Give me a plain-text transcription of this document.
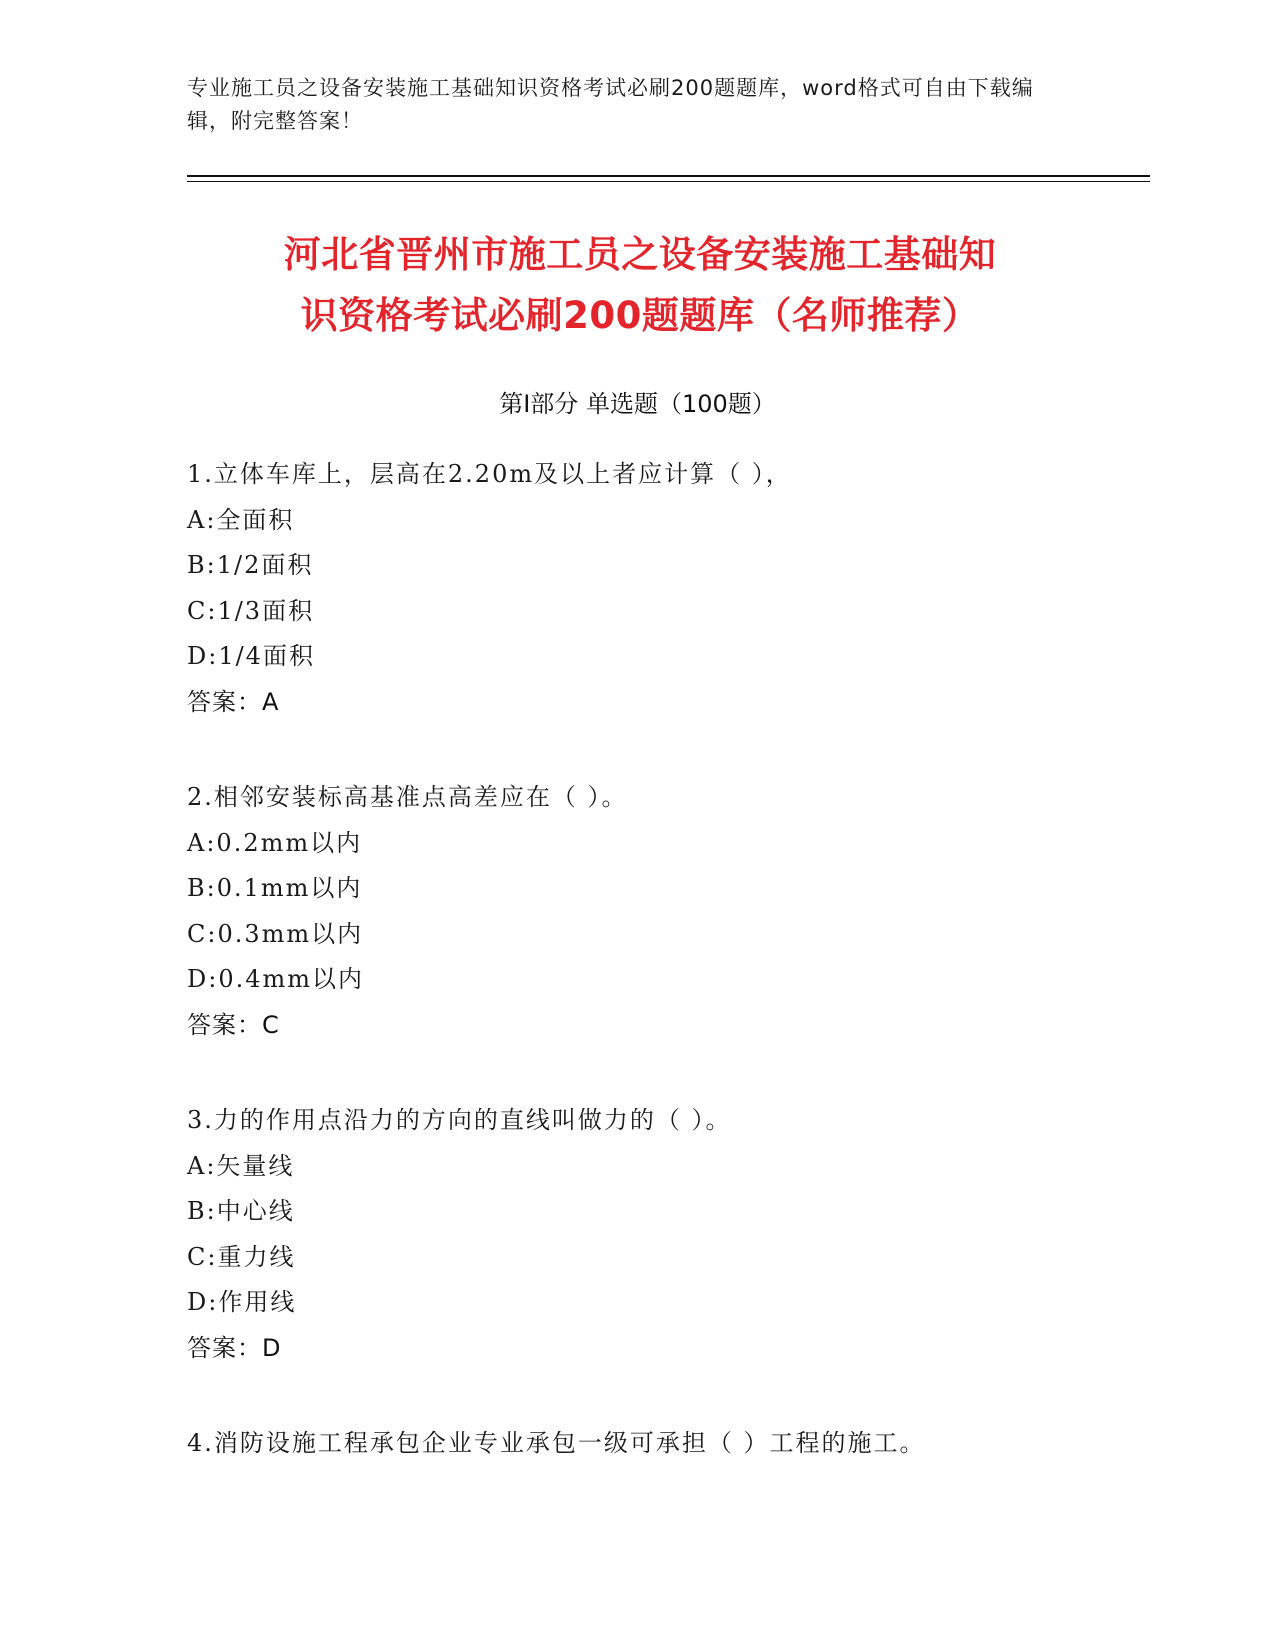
专业施工员之设备安装施工基础知识资格考试必刷200题题库，word格式可自由下载编辑，附完整答案！
河北省晋州市施工员之设备安装施工基础知
识资格考试必刷200题题库（名师推荐）
第Ⅰ部分 单选题（100题）
1.立体车库上，层高在2.20m及以上者应计算（ ），
A:全面积
B:1/2面积
C:1/3面积
D:1/4面积
答案：A
2.相邻安装标高基准点高差应在（ ）。
A:0.2mm以内
B:0.1mm以内
C:0.3mm以内
D:0.4mm以内
答案：C
3.力的作用点沿力的方向的直线叫做力的（ ）。
A:矢量线
B:中心线
C:重力线
D:作用线
答案：D
4.消防设施工程承包企业专业承包一级可承担（ ）工程的施工。
